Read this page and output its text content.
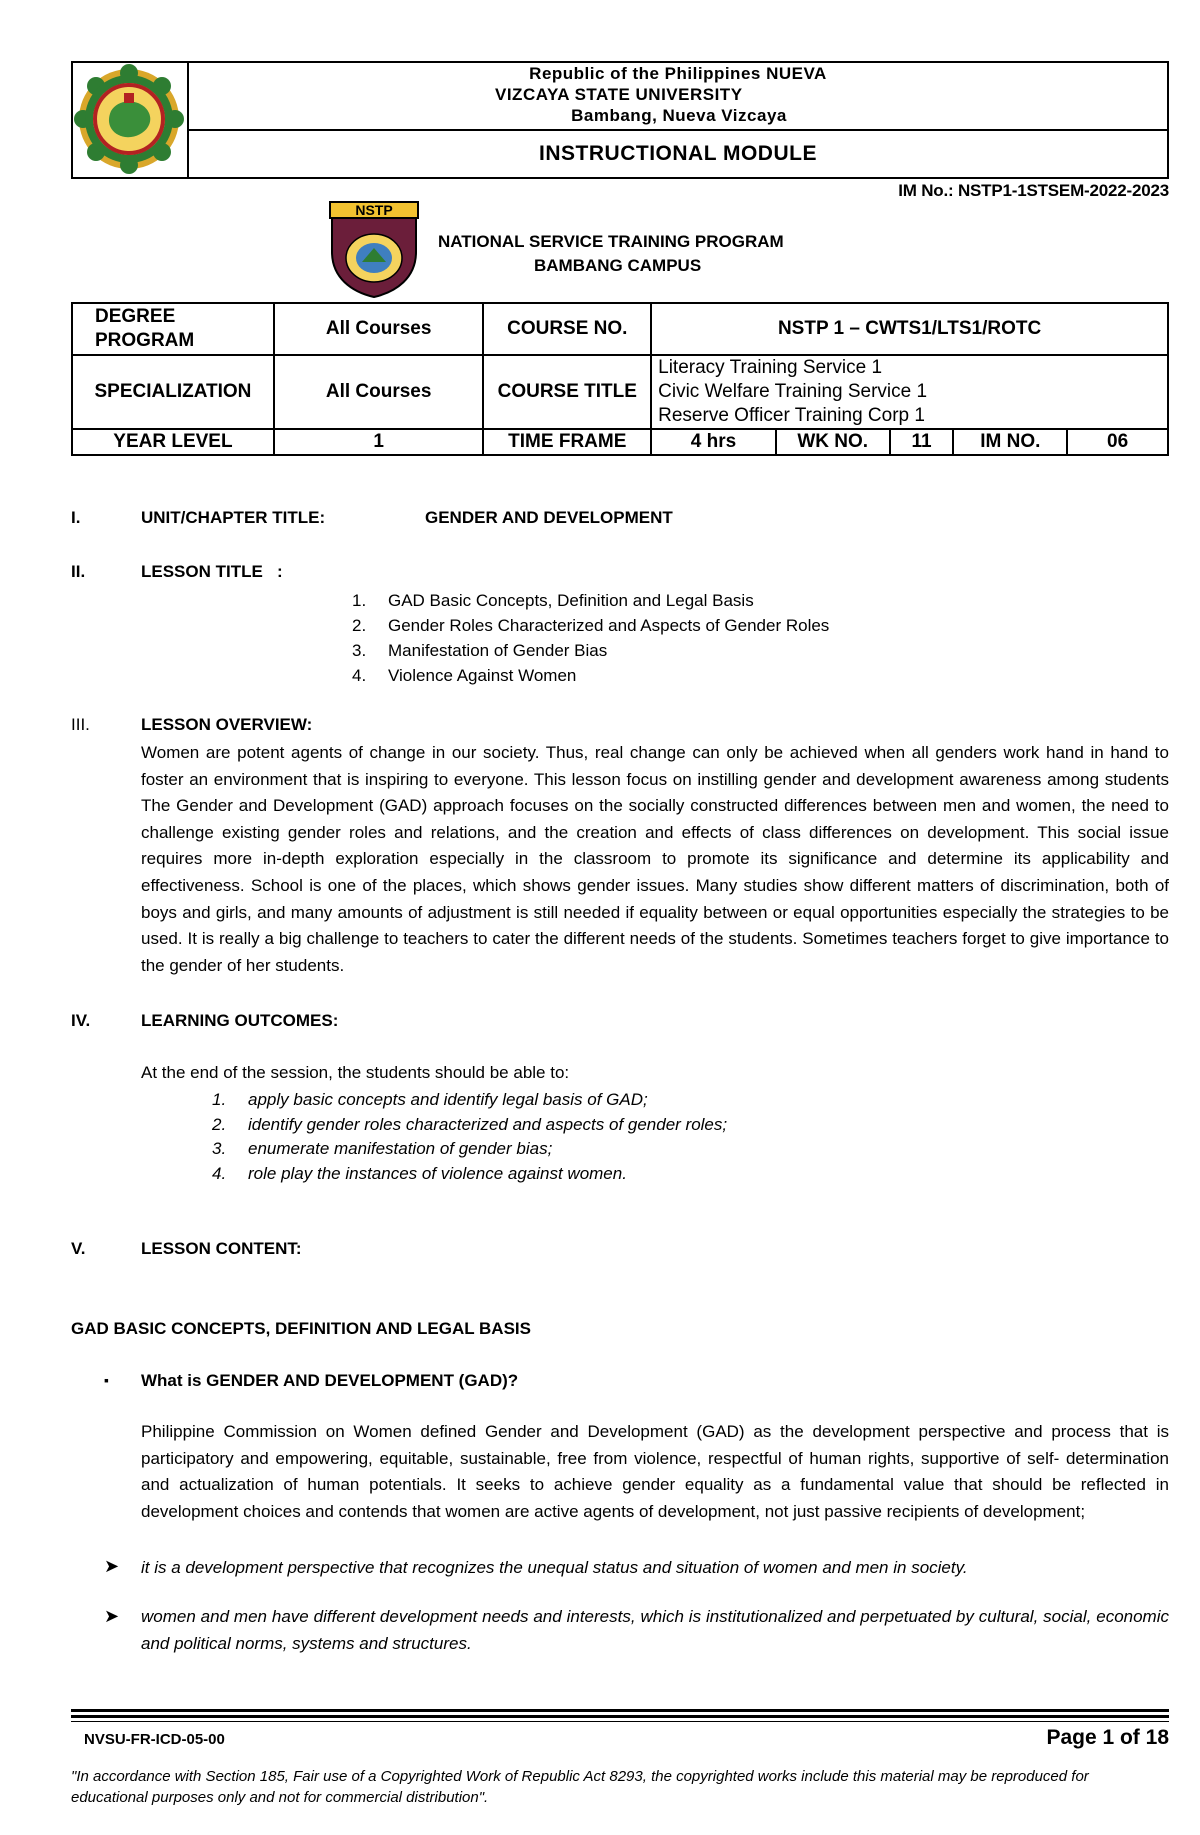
Republic of the Philippines NUEVA
VIZCAYA STATE UNIVERSITY
Bambang, Nueva Vizcaya
INSTRUCTIONAL MODULE
IM No.: NSTP1-1STSEM-2022-2023
NSTP
NATIONAL SERVICE TRAINING PROGRAM
BAMBANG CAMPUS
DEGREE PROGRAM	All Courses	COURSE NO.	NSTP 1 – CWTS1/LTS1/ROTC				
SPECIALIZATION	All Courses	COURSE TITLE	Literacy Training Service 1
Civic Welfare Training Service 1
Reserve Officer Training Corp 1				

YEAR LEVEL	1	TIME FRAME	4 hrs	WK NO.	11	IM NO.	06
I.	UNIT/CHAPTER TITLE:	GENDER AND DEVELOPMENT
II.	LESSON TITLE   :
1. GAD Basic Concepts, Definition and Legal Basis
2. Gender Roles Characterized and Aspects of Gender Roles
3. Manifestation of Gender Bias
4. Violence Against Women
III.	LESSON OVERVIEW:
Women are potent agents of change in our society. Thus, real change can only be achieved when all genders work hand in hand to foster an environment that is inspiring to everyone. This lesson focus on instilling gender and development awareness among students The Gender and Development (GAD) approach focuses on the socially constructed differences between men and women, the need to challenge existing gender roles and relations, and the creation and effects of class differences on development. This social issue requires more in-depth exploration especially in the classroom to promote its significance and determine its applicability and effectiveness. School is one of the places, which shows gender issues. Many studies show different matters of discrimination, both of boys and girls, and many amounts of adjustment is still needed if equality between or equal opportunities especially the strategies to be used. It is really a big challenge to teachers to cater the different needs of the students. Sometimes teachers forget to give importance to the gender of her students.
IV.	LEARNING OUTCOMES:
At the end of the session, the students should be able to:
1. apply basic concepts and identify legal basis of GAD;
2. identify gender roles characterized and aspects of gender roles;
3. enumerate manifestation of gender bias;
4. role play the instances of violence against women.
V.	LESSON CONTENT:
GAD BASIC CONCEPTS, DEFINITION AND LEGAL BASIS
▪ What is GENDER AND DEVELOPMENT (GAD)?
Philippine Commission on Women defined Gender and Development (GAD) as the development perspective and process that is participatory and empowering, equitable, sustainable, free from violence, respectful of human rights, supportive of self- determination and actualization of human potentials. It seeks to achieve gender equality as a fundamental value that should be reflected in development choices and contends that women are active agents of development, not just passive recipients of development;
➤ it is a development perspective that recognizes the unequal status and situation of women and men in society.
➤ women and men have different development needs and interests, which is institutionalized and perpetuated by cultural, social, economic and political norms, systems and structures.
NVSU-FR-ICD-05-00	Page 1 of 18
"In accordance with Section 185, Fair use of a Copyrighted Work of Republic Act 8293, the copyrighted works include this material may be reproduced for educational purposes only and not for commercial distribution".
